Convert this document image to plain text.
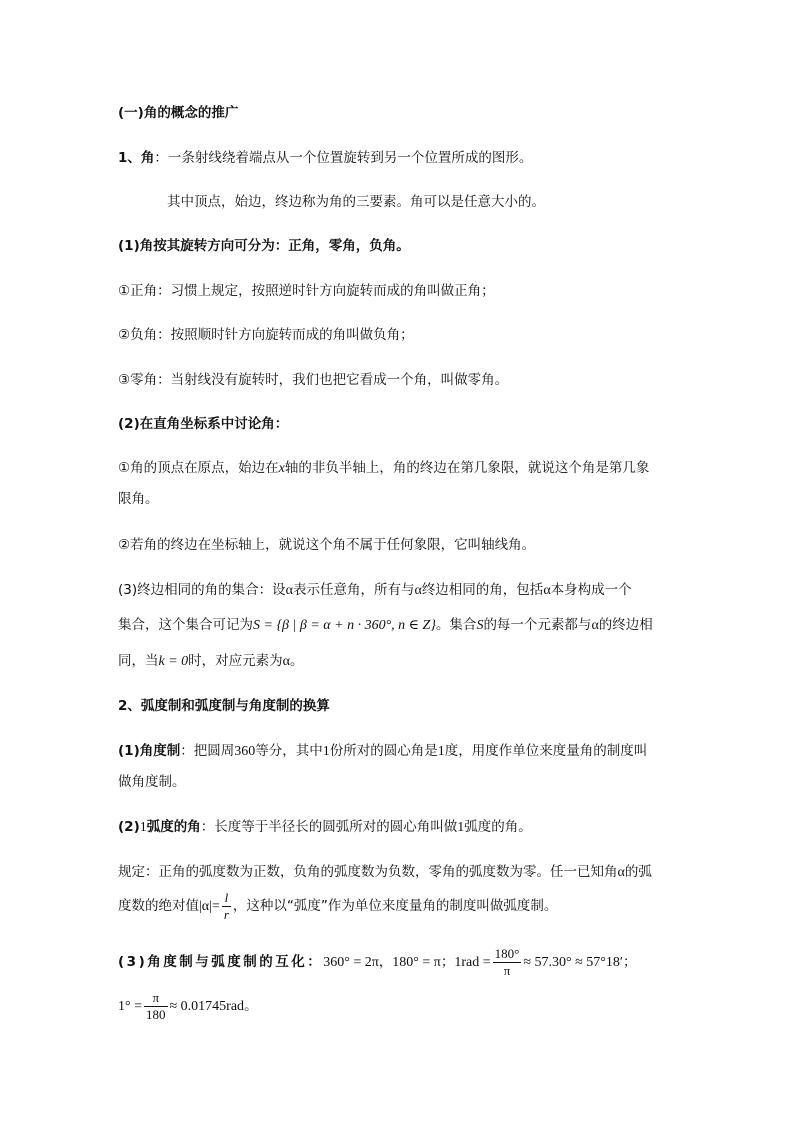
(一)角的概念的推广
1、角：一条射线绕着端点从一个位置旋转到另一个位置所成的图形。
其中顶点，始边，终边称为角的三要素。角可以是任意大小的。
(1)角按其旋转方向可分为：正角，零角，负角。
①正角：习惯上规定，按照逆时针方向旋转而成的角叫做正角；
②负角：按照顺时针方向旋转而成的角叫做负角；
③零角：当射线没有旋转时，我们也把它看成一个角，叫做零角。
(2)在直角坐标系中讨论角：
①角的顶点在原点，始边在x轴的非负半轴上，角的终边在第几象限，就说这个角是第几象
限角。
②若角的终边在坐标轴上，就说这个角不属于任何象限，它叫轴线角。
(3)终边相同的角的集合：设α表示任意角，所有与α终边相同的角，包括α本身构成一个
集合，这个集合可记为S = {β | β = α + n · 360°, n ∈ Z}。集合S的每一个元素都与α的终边相
同，当k = 0时，对应元素为α。
2、弧度制和弧度制与角度制的换算
(1)角度制：把圆周360等分，其中1份所对的圆心角是1度，用度作单位来度量角的制度叫
做角度制。
(2)1弧度的角：长度等于半径长的圆弧所对的圆心角叫做1弧度的角。
规定：正角的弧度数为正数，负角的弧度数为负数，零角的弧度数为零。任一已知角α的弧
度数的绝对值$|\alpha|= \frac{l}{r}$ ，这种以“弧度”作为单位来度量角的制度叫做弧度制。
(3)角度制与弧度制的互化：360° = 2π，180° = π；$1rad = \frac{180^\circ}{\pi} \approx 57.30^\circ \approx 57^\circ 18'$；
$1^\circ = \frac{\pi}{180} \approx 0.01745rad$。
